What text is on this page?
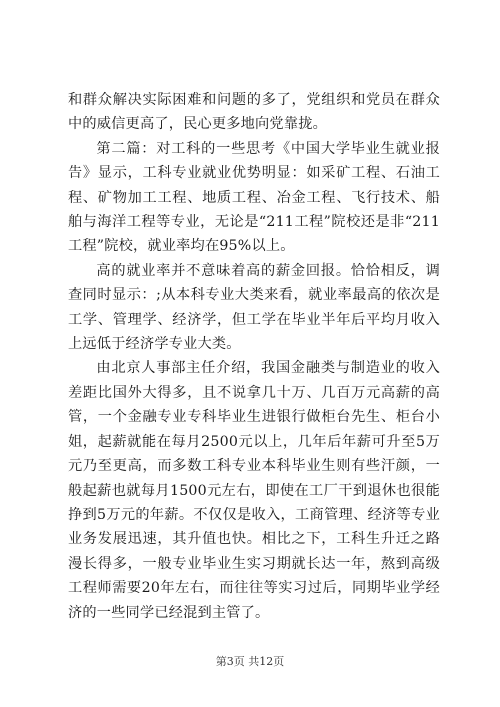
和群众解决实际困难和问题的多了，党组织和党员在群众中的威信更高了，民心更多地向党靠拢。

第二篇：对工科的一些思考《中国大学毕业生就业报告》显示，工科专业就业优势明显：如采矿工程、石油工程、矿物加工工程、地质工程、冶金工程、飞行技术、船舶与海洋工程等专业，无论是“211工程”院校还是非“211工程”院校，就业率均在95%以上。

高的就业率并不意味着高的薪金回报。恰恰相反，调查同时显示：;从本科专业大类来看，就业率最高的依次是工学、管理学、经济学，但工学在毕业半年后平均月收入上远低于经济学专业大类。

由北京人事部主任介绍，我国金融类与制造业的收入差距比国外大得多，且不说拿几十万、几百万元高薪的高管，一个金融专业专科毕业生进银行做柜台先生、柜台小姐，起薪就能在每月2500元以上，几年后年薪可升至5万元乃至更高，而多数工科专业本科毕业生则有些汗颜，一般起薪也就每月1500元左右，即使在工厂干到退休也很能挣到5万元的年薪。不仅仅是收入，工商管理、经济等专业业务发展迅速，其升值也快。相比之下，工科生升迁之路漫长得多，一般专业毕业生实习期就长达一年，熬到高级工程师需要20年左右，而往往等实习过后，同期毕业学经济的一些同学已经混到主管了。

第3页 共12页
